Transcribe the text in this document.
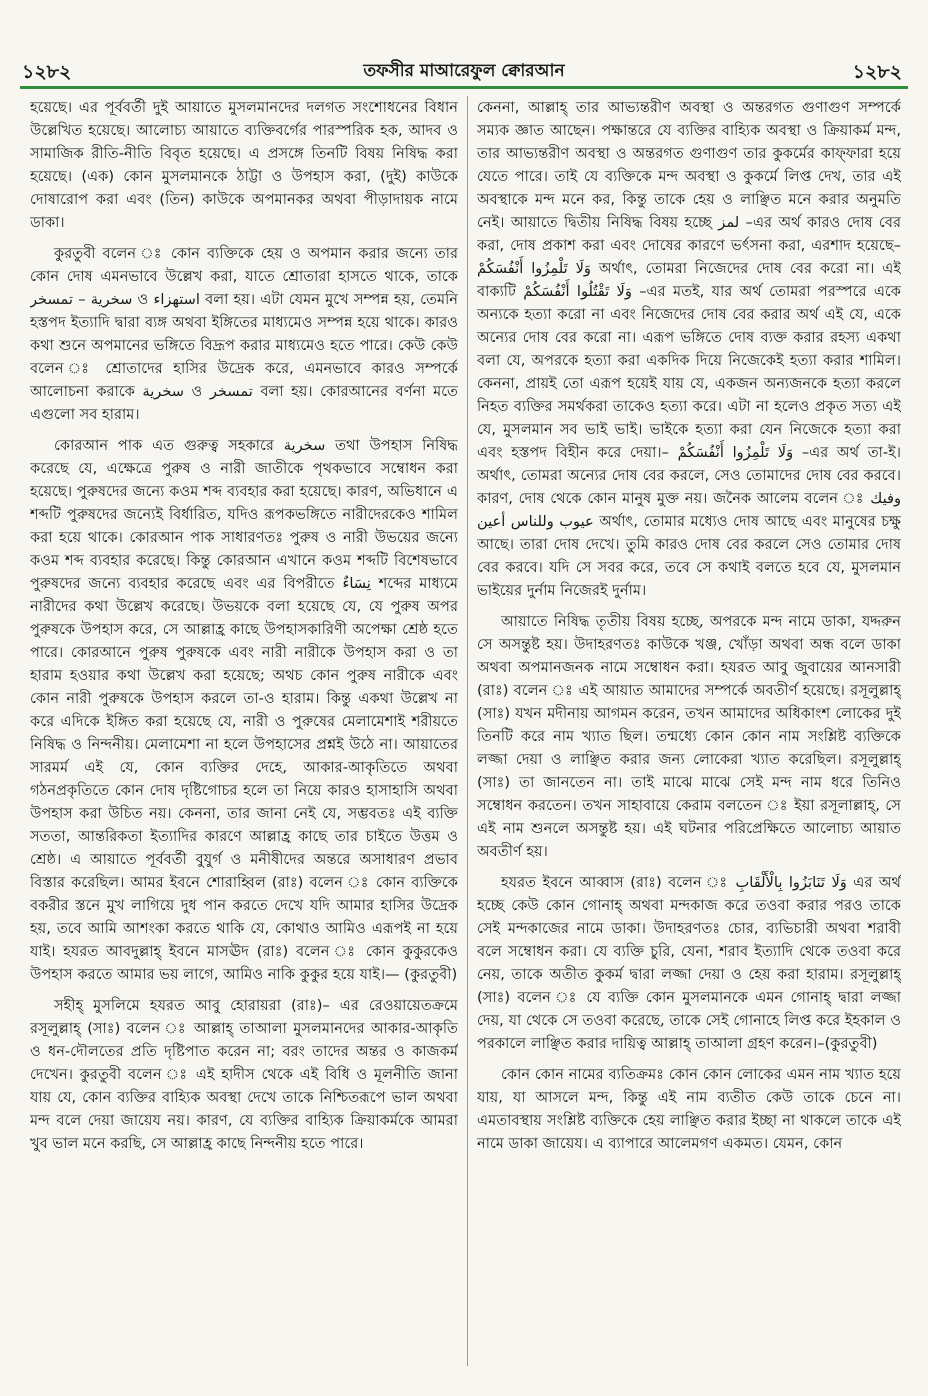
১২৮২	তফসীর মাআরেফুল ক্বোরআন	১২৮২

হয়েছে। এর পূর্ববর্তী দুই আয়াতে মুসলমানদের দলগত সংশোধনের বিধান উল্লেখিত হয়েছে। আলোচ্য আয়াতে ব্যক্তিবর্গের পারস্পরিক হক, আদব ও সামাজিক রীতি-নীতি বিবৃত হয়েছে। এ প্রসঙ্গে তিনটি বিষয় নিষিদ্ধ করা হয়েছে। (এক) কোন মুসলমানকে ঠাট্টা ও উপহাস করা, (দুই) কাউকে দোষারোপ করা এবং (তিন) কাউকে অপমানকর অথবা পীড়াদায়ক নামে ডাকা।

কুরতুবী বলেন ঃ কোন ব্যক্তিকে হেয় ও অপমান করার জন্যে তার কোন দোষ এমনভাবে উল্লেখ করা, যাতে শ্রোতারা হাসতে থাকে, তাকে سخرية – تمسخر ও استهزاء বলা হয়। এটা যেমন মুখে সম্পন্ন হয়, তেমনি হস্তপদ ইত্যাদি দ্বারা ব্যঙ্গ অথবা ইঙ্গিতের মাধ্যমেও সম্পন্ন হয়ে থাকে। কারও কথা শুনে অপমানের ভঙ্গিতে বিদ্রূপ করার মাধ্যমেও হতে পারে। কেউ কেউ বলেন ঃ শ্রোতাদের হাসির উদ্রেক করে, এমনভাবে কারও সম্পর্কে আলোচনা করাকে سخرية ও تمسخر বলা হয়। কোরআনের বর্ণনা মতে এগুলো সব হারাম।

কোরআন পাক এত গুরুত্ব সহকারে سخرية তথা উপহাস নিষিদ্ধ করেছে যে, এক্ষেত্রে পুরুষ ও নারী জাতীকে পৃথকভাবে সম্বোধন করা হয়েছে। পুরুষদের জন্যে কওম শব্দ ব্যবহার করা হয়েছে। কারণ, অভিধানে এ শব্দটি পুরুষদের জন্যেই বির্ধারিত, যদিও রূপকভঙ্গিতে নারীদেরকেও শামিল করা হয়ে থাকে। কোরআন পাক সাধারণতঃ পুরুষ ও নারী উভয়ের জন্যে কওম শব্দ ব্যবহার করেছে। কিন্তু কোরআন এখানে কওম শব্দটি বিশেষভাবে পুরুষদের জন্যে ব্যবহার করেছে এবং এর বিপরীতে نِسَاءٌ শব্দের মাধ্যমে নারীদের কথা উল্লেখ করেছে। উভয়কে বলা হয়েছে যে, যে পুরুষ অপর পুরুষকে উপহাস করে, সে আল্লাহ্র কাছে উপহাসকারিণী অপেক্ষা শ্রেষ্ঠ হতে পারে। কোরআনে পুরুষ পুরুষকে এবং নারী নারীকে উপহাস করা ও তা হারাম হওয়ার কথা উল্লেখ করা হয়েছে; অথচ কোন পুরুষ নারীকে এবং কোন নারী পুরুষকে উপহাস করলে তা-ও হারাম। কিন্তু একথা উল্লেখ না করে এদিকে ইঙ্গিত করা হয়েছে যে, নারী ও পুরুষের মেলামেশাই শরীয়তে নিষিদ্ধ ও নিন্দনীয়। মেলামেশা না হলে উপহাসের প্রশ্নই উঠে না। আয়াতের সারমর্ম এই যে, কোন ব্যক্তির দেহে, আকার-আকৃতিতে অথবা গঠনপ্রকৃতিতে কোন দোষ দৃষ্টিগোচর হলে তা নিয়ে কারও হাসাহাসি অথবা উপহাস করা উচিত নয়। কেননা, তার জানা নেই যে, সম্ভবতঃ এই ব্যক্তি সততা, আন্তরিকতা ইত্যাদির কারণে আল্লাহ্র কাছে তার চাইতে উত্তম ও শ্রেষ্ঠ। এ আয়াতে পূর্ববর্তী বুযুর্গ ও মনীষীদের অন্তরে অসাধারণ প্রভাব বিস্তার করেছিল। আমর ইবনে শোরাহ্বিল (রাঃ) বলেন ঃ কোন ব্যক্তিকে বকরীর স্তনে মুখ লাগিয়ে দুধ পান করতে দেখে যদি আমার হাসির উদ্রেক হয়, তবে আমি আশংকা করতে থাকি যে, কোথাও আমিও এরূপই না হয়ে যাই। হযরত আবদুল্লাহ্ ইবনে মাসঊদ (রাঃ) বলেন ঃ কোন কুকুরকেও উপহাস করতে আমার ভয় লাগে, আমিও নাকি কুকুর হয়ে যাই।— (কুরতুবী)

সহীহ্ মুসলিমে হযরত আবু হোরায়রা (রাঃ)– এর রেওয়ায়েতক্রমে রসূলুল্লাহ্ (সাঃ) বলেন ঃ আল্লাহ্ তাআলা মুসলমানদের আকার-আকৃতি ও ধন-দৌলতের প্রতি দৃষ্টিপাত করেন না; বরং তাদের অন্তর ও কাজকর্ম দেখেন। কুরতুবী বলেন ঃ এই হাদীস থেকে এই বিধি ও মূলনীতি জানা যায় যে, কোন ব্যক্তির বাহ্যিক অবস্থা দেখে তাকে নিশ্চিতরূপে ভাল অথবা মন্দ বলে দেয়া জায়েয নয়। কারণ, যে ব্যক্তির বাহ্যিক ক্রিয়াকর্মকে আমরা খুব ভাল মনে করছি, সে আল্লাহ্র কাছে নিন্দনীয় হতে পারে।

কেননা, আল্লাহ্ তার আভ্যন্তরীণ অবস্থা ও অন্তরগত গুণাগুণ সম্পর্কে সম্যক জ্ঞাত আছেন। পক্ষান্তরে যে ব্যক্তির বাহ্যিক অবস্থা ও ক্রিয়াকর্ম মন্দ, তার আভ্যন্তরীণ অবস্থা ও অন্তরগত গুণাগুণ তার কুকর্মের কাফ্ফারা হয়ে যেতে পারে। তাই যে ব্যক্তিকে মন্দ অবস্থা ও কুকর্মে লিপ্ত দেখ, তার এই অবস্থাকে মন্দ মনে কর, কিন্তু তাকে হেয় ও লাঞ্ছিত মনে করার অনুমতি নেই। আয়াতে দ্বিতীয় নিষিদ্ধ বিষয় হচ্ছে لمز –এর অর্থ কারও দোষ বের করা, দোষ প্রকাশ করা এবং দোষের কারণে ভর্ৎসনা করা, এরশাদ হয়েছে– وَلَا تَلْمِزُوا أَنْفُسَكُمْ অর্থাৎ, তোমরা নিজেদের দোষ বের করো না। এই বাক্যটি وَلَا تَقْتُلُوا أَنْفُسَكُمْ –এর মতই, যার অর্থ তোমরা পরস্পরে একে অন্যকে হত্যা করো না এবং নিজেদের দোষ বের করার অর্থ এই যে, একে অন্যের দোষ বের করো না। এরূপ ভঙ্গিতে দোষ ব্যক্ত করার রহস্য একথা বলা যে, অপরকে হত্যা করা একদিক দিয়ে নিজেকেই হত্যা করার শামিল। কেননা, প্রায়ই তো এরূপ হয়েই যায় যে, একজন অন্যজনকে হত্যা করলে নিহত ব্যক্তির সমর্থকরা তাকেও হত্যা করে। এটা না হলেও প্রকৃত সত্য এই যে, মুসলমান সব ভাই ভাই। ভাইকে হত্যা করা যেন নিজেকে হত্যা করা এবং হস্তপদ বিহীন করে দেয়া।– وَلَا تَلْمِزُوا أَنْفُسَكُمْ –এর অর্থ তা-ই। অর্থাৎ, তোমরা অন্যের দোষ বের করলে, সেও তোমাদের দোষ বের করবে। কারণ, দোষ থেকে কোন মানুষ মুক্ত নয়। জনৈক আলেম বলেন ঃ وفيك عيوب وللناس أعين অর্থাৎ, তোমার মধ্যেও দোষ আছে এবং মানুষের চক্ষু আছে। তারা দোষ দেখে। তুমি কারও দোষ বের করলে সেও তোমার দোষ বের করবে। যদি সে সবর করে, তবে সে কথাই বলতে হবে যে, মুসলমান ভাইয়ের দুর্নাম নিজেরই দুর্নাম।

আয়াতে নিষিদ্ধ তৃতীয় বিষয় হচ্ছে, অপরকে মন্দ নামে ডাকা, যদ্দরুন সে অসন্তুষ্ট হয়। উদাহরণতঃ কাউকে খঞ্জ, খোঁড়া অথবা অন্ধ বলে ডাকা অথবা অপমানজনক নামে সম্বোধন করা। হযরত আবু জুবায়ের আনসারী (রাঃ) বলেন ঃ এই আয়াত আমাদের সম্পর্কে অবতীর্ণ হয়েছে। রসূলুল্লাহ্ (সাঃ) যখন মদীনায় আগমন করেন, তখন আমাদের অধিকাংশ লোকের দুই তিনটি করে নাম খ্যাত ছিল। তন্মধ্যে কোন কোন নাম সংশ্লিষ্ট ব্যক্তিকে লজ্জা দেয়া ও লাঞ্ছিত করার জন্য লোকেরা খ্যাত করেছিল। রসূলুল্লাহ্ (সাঃ) তা জানতেন না। তাই মাঝে মাঝে সেই মন্দ নাম ধরে তিনিও সম্বোধন করতেন। তখন সাহাবায়ে কেরাম বলতেন ঃ ইয়া রসূলাল্লাহ্, সে এই নাম শুনলে অসন্তুষ্ট হয়। এই ঘটনার পরিপ্রেক্ষিতে আলোচ্য আয়াত অবতীর্ণ হয়।

হযরত ইবনে আব্বাস (রাঃ) বলেন ঃ وَلَا تَنَابَزُوا بِالْأَلْقَابِ এর অর্থ হচ্ছে কেউ কোন গোনাহ্ অথবা মন্দকাজ করে তওবা করার পরও তাকে সেই মন্দকাজের নামে ডাকা। উদাহরণতঃ চোর, ব্যভিচারী অথবা শরাবী বলে সম্বোধন করা। যে ব্যক্তি চুরি, যেনা, শরাব ইত্যাদি থেকে তওবা করে নেয়, তাকে অতীত কুকর্ম দ্বারা লজ্জা দেয়া ও হেয় করা হারাম। রসূলুল্লাহ্ (সাঃ) বলেন ঃ যে ব্যক্তি কোন মুসলমানকে এমন গোনাহ্ দ্বারা লজ্জা দেয়, যা থেকে সে তওবা করেছে, তাকে সেই গোনাহে লিপ্ত করে ইহকাল ও পরকালে লাঞ্ছিত করার দায়িত্ব আল্লাহ্ তাআলা গ্রহণ করেন।–(কুরতুবী)

কোন কোন নামের ব্যতিক্রমঃ কোন কোন লোকের এমন নাম খ্যাত হয়ে যায়, যা আসলে মন্দ, কিন্তু এই নাম ব্যতীত কেউ তাকে চেনে না। এমতাবস্থায় সংশ্লিষ্ট ব্যক্তিকে হেয় লাঞ্ছিত করার ইচ্ছা না থাকলে তাকে এই নামে ডাকা জায়েয। এ ব্যাপারে আলেমগণ একমত। যেমন, কোন
